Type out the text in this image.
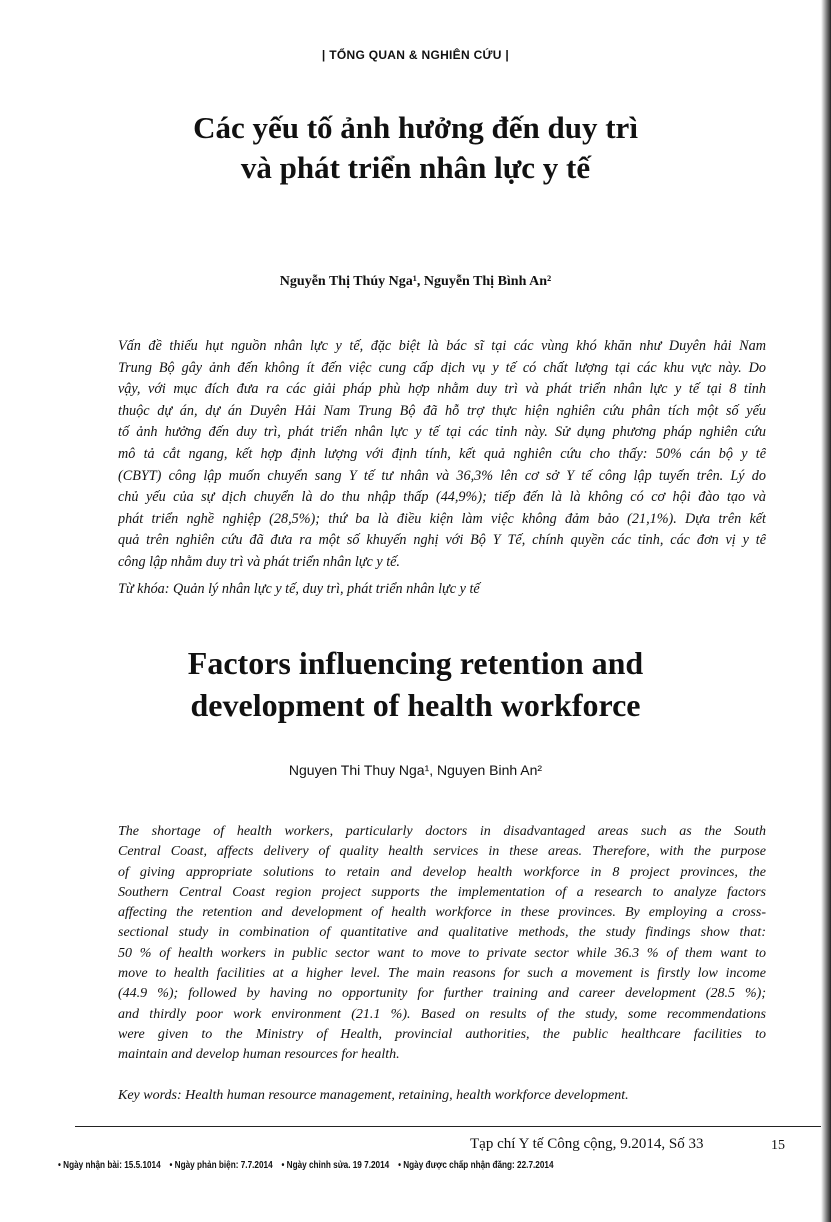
| TỔNG QUAN & NGHIÊN CỨU |
Các yếu tố ảnh hưởng đến duy trì
và phát triển nhân lực y tế
Nguyễn Thị Thúy Nga¹, Nguyễn Thị Bình An²
Vấn đề thiếu hụt nguồn nhân lực y tế, đặc biệt là bác sĩ tại các vùng khó khăn như Duyên hải Nam
Trung Bộ gây ảnh đến không ít đến việc cung cấp dịch vụ y tế có chất lượng tại các khu vực này. Do
vậy, với mục đích đưa ra các giải pháp phù hợp nhằm duy trì và phát triển nhân lực y tế tại 8 tỉnh
thuộc dự án, dự án Duyên Hải Nam Trung Bộ đã hỗ trợ thực hiện nghiên cứu phân tích một số yếu
tố ảnh hưởng đến duy trì, phát triển nhân lực y tế tại các tỉnh này. Sử dụng phương pháp nghiên cứu
mô tả cắt ngang, kết hợp định lượng với định tính, kết quả nghiên cứu cho thấy: 50% cán bộ y tế
(CBYT) công lập muốn chuyển sang Y tế tư nhân và 36,3% lên cơ sở Y tế công lập tuyến trên. Lý do
chủ yếu của sự dịch chuyển là do thu nhập thấp (44,9%); tiếp đến là là không có cơ hội đào tạo và
phát triển nghề nghiệp (28,5%); thứ ba là điều kiện làm việc không đảm bảo (21,1%). Dựa trên kết
quả trên nghiên cứu đã đưa ra một số khuyến nghị với Bộ Y Tế, chính quyền các tỉnh, các đơn vị y tế
công lập nhằm duy trì và phát triển nhân lực y tế.
Từ khóa: Quản lý nhân lực y tế, duy trì, phát triển nhân lực y tế
Factors influencing retention and
development of health workforce
Nguyen Thi Thuy Nga¹, Nguyen Binh An²
The shortage of health workers, particularly doctors in disadvantaged areas such as the South
Central Coast, affects delivery of quality health services in these areas. Therefore, with the purpose
of giving appropriate solutions to retain and develop health workforce in 8 project provinces, the
Southern Central Coast region project supports the implementation of a research to analyze factors
affecting the retention and development of health workforce in these provinces. By employing a cross-
sectional study in combination of quantitative and qualitative methods, the study findings show that:
50 % of health workers in public sector want to move to private sector while 36.3 % of them want to
move to health facilities at a higher level. The main reasons for such a movement is firstly low income
(44.9 %); followed by having no opportunity for further training and career development (28.5 %);
and thirdly poor work environment (21.1 %). Based on results of the study, some recommendations
were given to the Ministry of Health, provincial authorities, the public healthcare facilities to
maintain and develop human resources for health.
Key words: Health human resource management, retaining, health workforce development.
Tạp chí Y tế Công cộng, 9.2014, Số 33	15
• Ngày nhận bài: 15.5.1014 • Ngày phản biện: 7.7.2014 • Ngày chỉnh sửa. 19 7.2014 • Ngày được chấp nhận đăng: 22.7.2014
